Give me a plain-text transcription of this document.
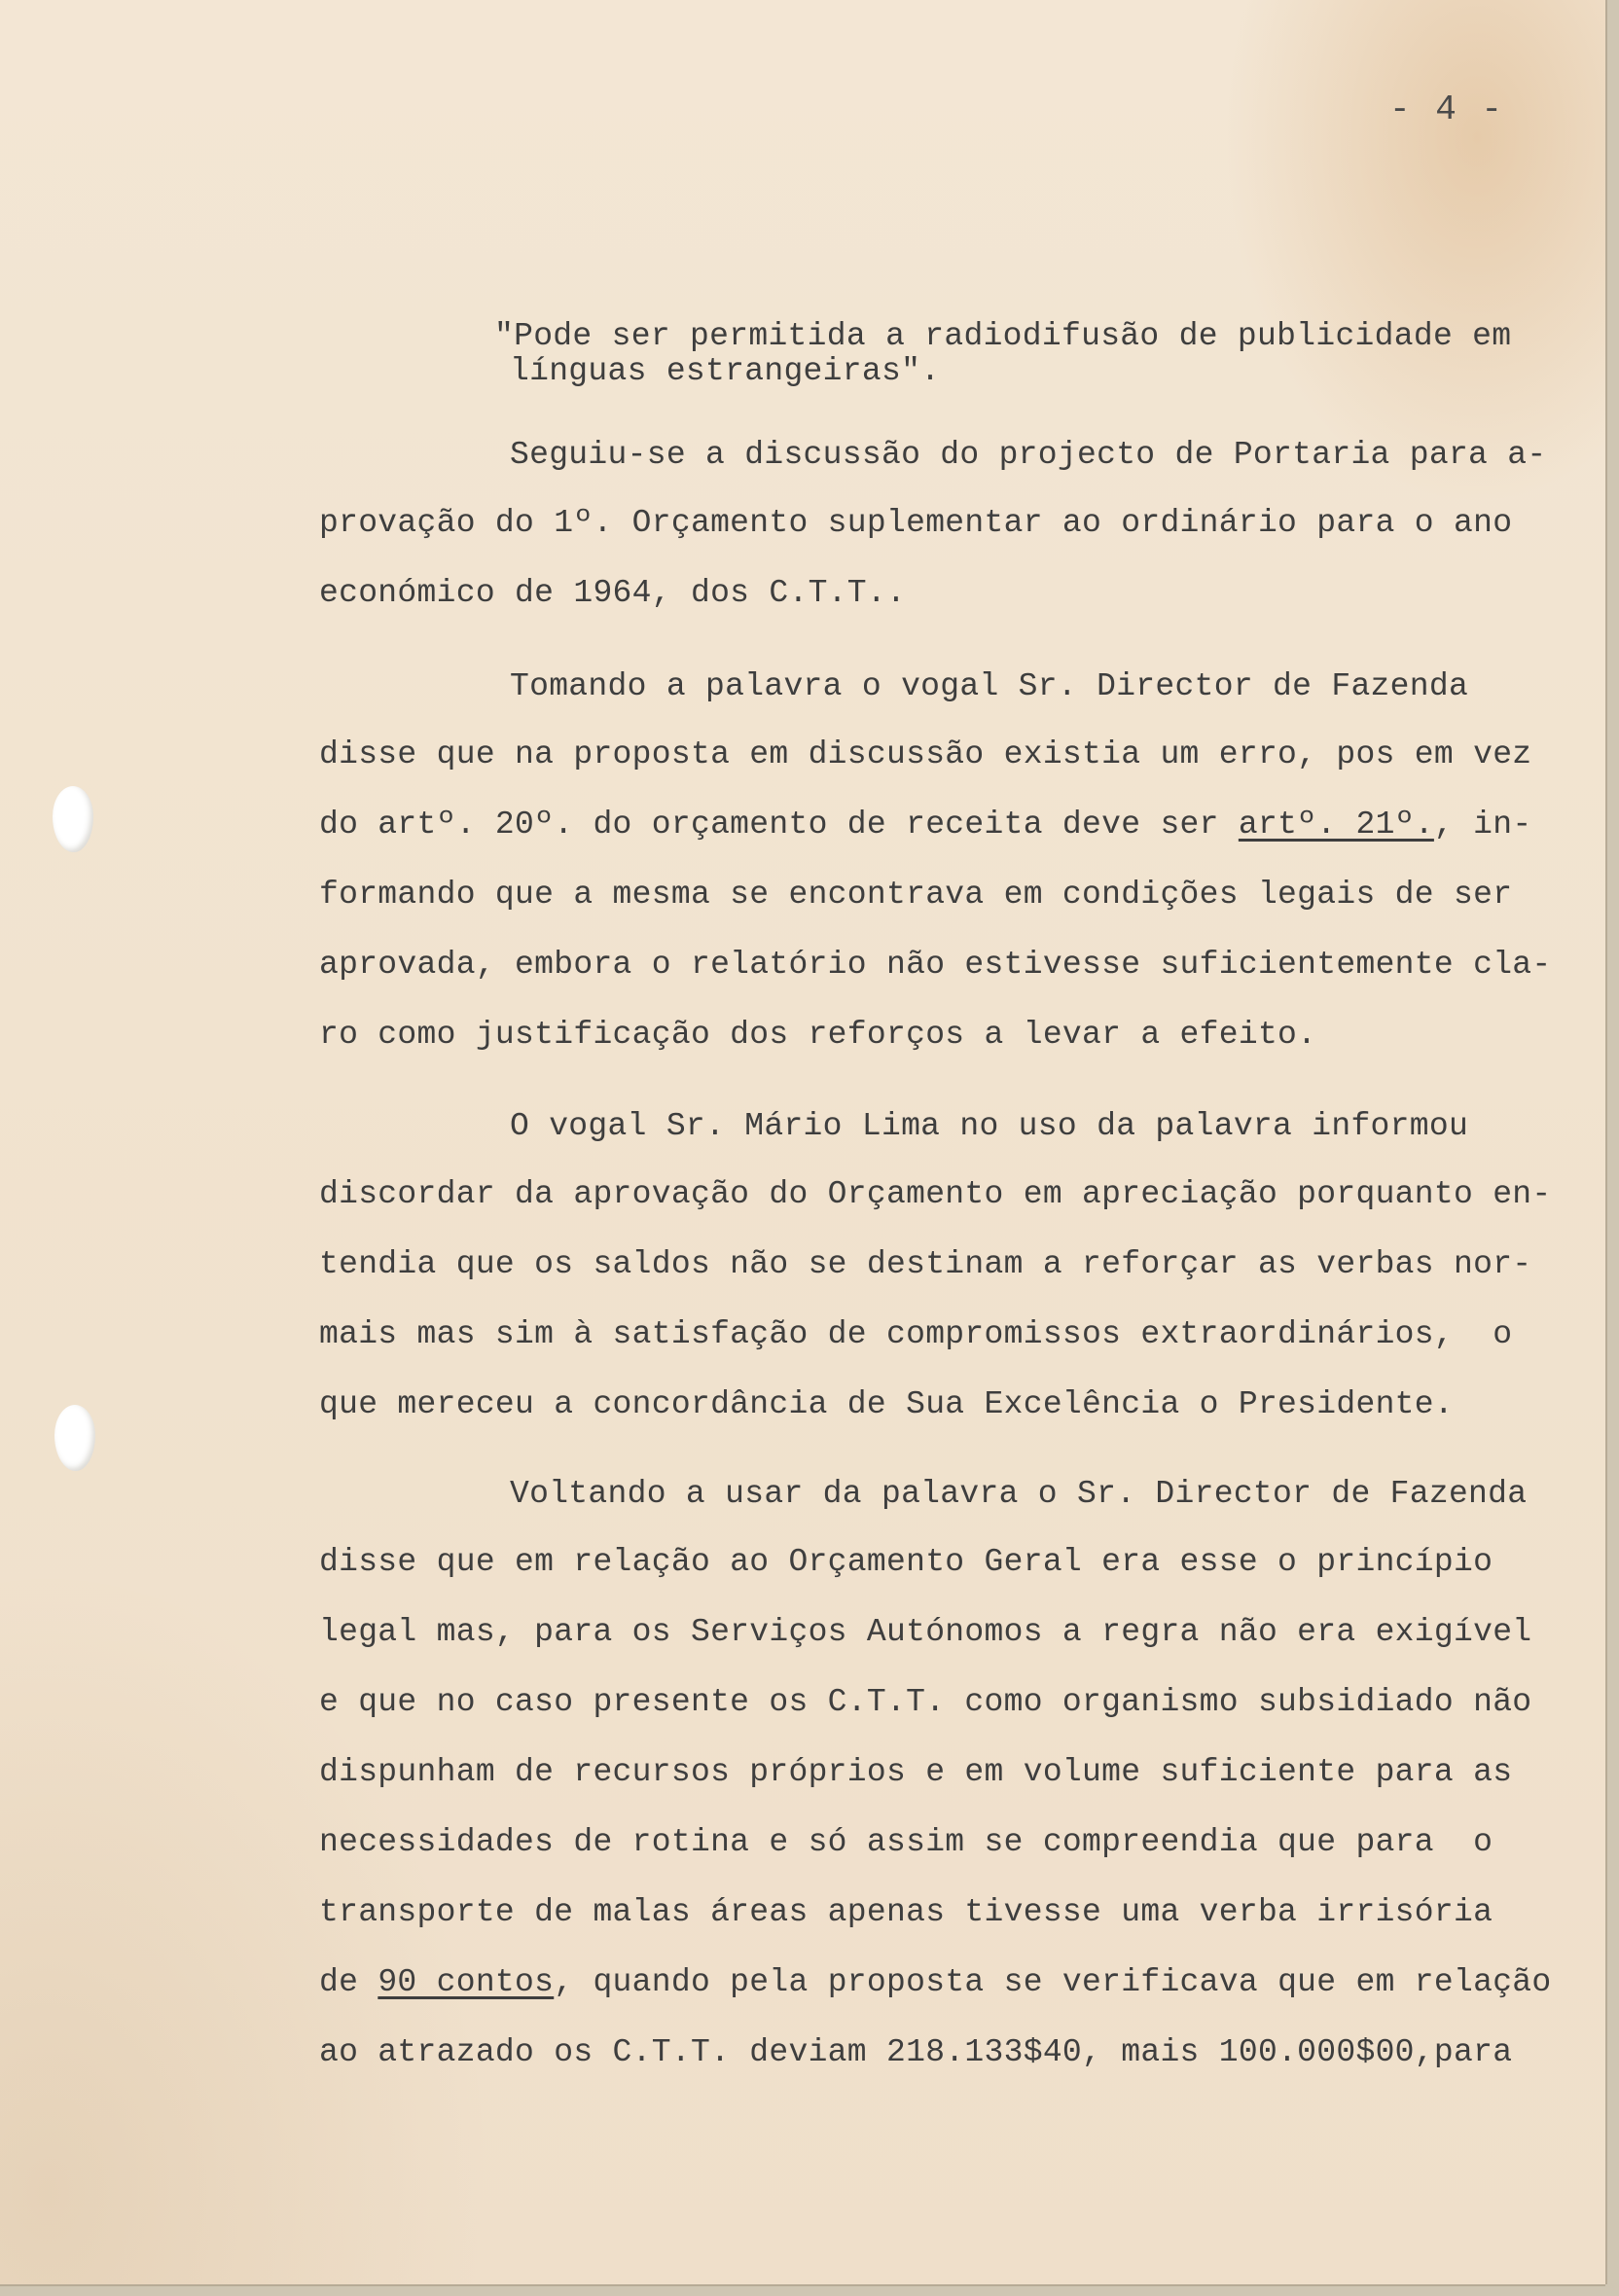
- 4 -

"Pode ser permitida a radiodifusão de publicidade em

línguas estrangeiras".

Seguiu-se a discussão do projecto de Portaria para a-

provação do 1º. Orçamento suplementar ao ordinário para o ano

económico de 1964, dos C.T.T..

Tomando a palavra o vogal Sr. Director de Fazenda

disse que na proposta em discussão existia um erro, pos em vez

do artº. 20º. do orçamento de receita deve ser artº. 21º., in-

formando que a mesma se encontrava em condições legais de ser

aprovada, embora o relatório não estivesse suficientemente cla-

ro como justificação dos reforços a levar a efeito.

O vogal Sr. Mário Lima no uso da palavra informou

discordar da aprovação do Orçamento em apreciação porquanto en-

tendia que os saldos não se destinam a reforçar as verbas nor-

mais mas sim à satisfação de compromissos extraordinários,  o

que mereceu a concordância de Sua Excelência o Presidente.

Voltando a usar da palavra o Sr. Director de Fazenda

disse que em relação ao Orçamento Geral era esse o princípio

legal mas, para os Serviços Autónomos a regra não era exigível

e que no caso presente os C.T.T. como organismo subsidiado não

dispunham de recursos próprios e em volume suficiente para as

necessidades de rotina e só assim se compreendia que para  o

transporte de malas áreas apenas tivesse uma verba irrisória

de 90 contos, quando pela proposta se verificava que em relação

ao atrazado os C.T.T. deviam 218.133$40, mais 100.000$00,para
